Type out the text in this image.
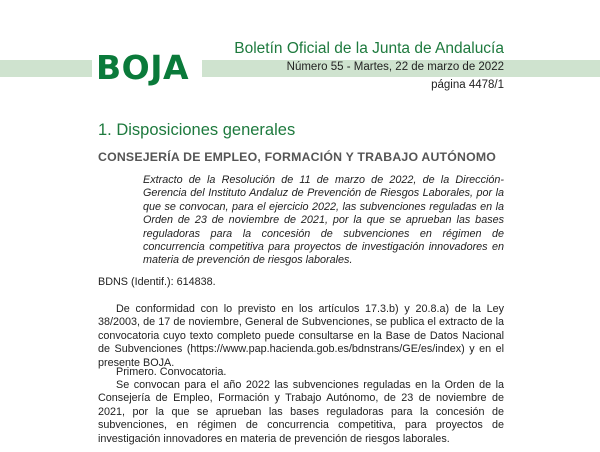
BOJA	Boletín Oficial de la Junta de Andalucía
Número 55 - Martes, 22 de marzo de 2022
página 4478/1
1. Disposiciones generales
CONSEJERÍA DE EMPLEO, FORMACIÓN Y TRABAJO AUTÓNOMO

Extracto de la Resolución de 11 de marzo de 2022, de la Dirección-Gerencia del Instituto Andaluz de Prevención de Riesgos Laborales, por la que se convocan, para el ejercicio 2022, las subvenciones reguladas en la Orden de 23 de noviembre de 2021, por la que se aprueban las bases reguladoras para la concesión de subvenciones en régimen de concurrencia competitiva para proyectos de investigación innovadores en materia de prevención de riesgos laborales.

BDNS (Identif.): 614838.

De conformidad con lo previsto en los artículos 17.3.b) y 20.8.a) de la Ley 38/2003, de 17 de noviembre, General de Subvenciones, se publica el extracto de la convocatoria cuyo texto completo puede consultarse en la Base de Datos Nacional de Subvenciones (https://www.pap.hacienda.gob.es/bdnstrans/GE/es/index) y en el presente BOJA.

Primero. Convocatoria.

Se convocan para el año 2022 las subvenciones reguladas en la Orden de la Consejería de Empleo, Formación y Trabajo Autónomo, de 23 de noviembre de 2021, por la que se aprueban las bases reguladoras para la concesión de subvenciones, en régimen de concurrencia competitiva, para proyectos de investigación innovadores en materia de prevención de riesgos laborales.
